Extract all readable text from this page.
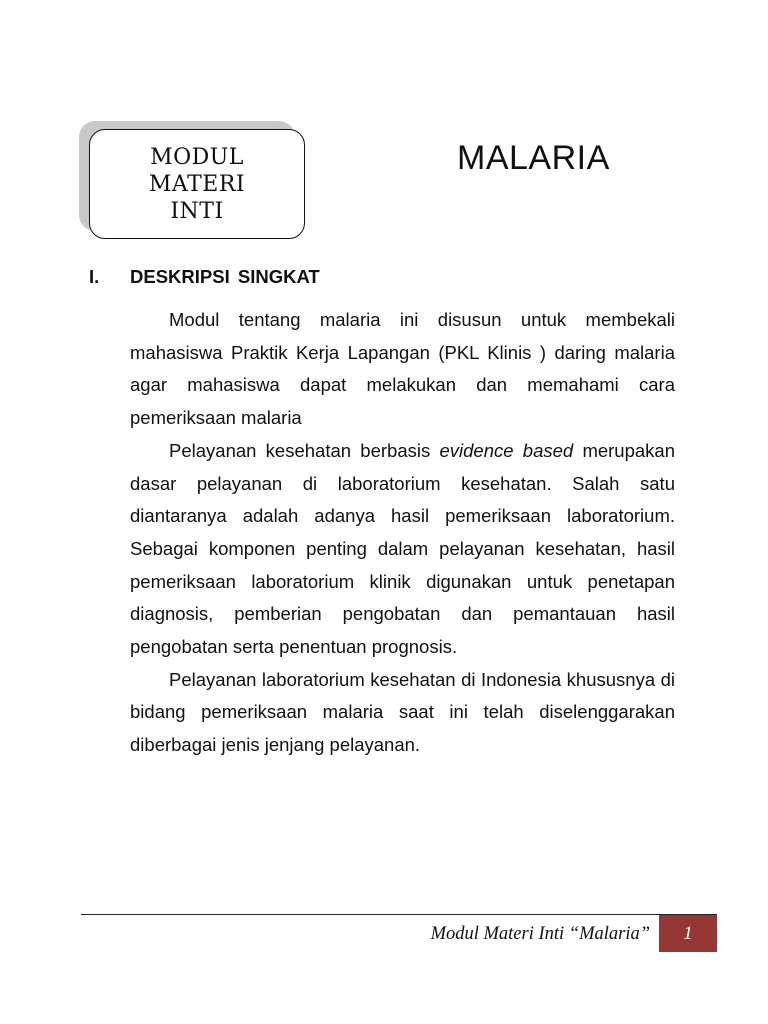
MODUL
MATERI
INTI
MALARIA
I. DESKRIPSI SINGKAT

Modul tentang malaria ini disusun untuk membekali mahasiswa Praktik Kerja Lapangan (PKL Klinis ) daring malaria agar mahasiswa dapat melakukan dan memahami cara pemeriksaan malaria

Pelayanan kesehatan berbasis evidence based merupakan dasar pelayanan di laboratorium kesehatan. Salah satu diantaranya adalah adanya hasil pemeriksaan laboratorium. Sebagai komponen penting dalam pelayanan kesehatan, hasil pemeriksaan laboratorium klinik digunakan untuk penetapan diagnosis, pemberian pengobatan dan pemantauan hasil pengobatan serta penentuan prognosis.

Pelayanan laboratorium kesehatan di Indonesia khususnya di bidang pemeriksaan malaria saat ini telah diselenggarakan diberbagai jenis jenjang pelayanan.

Modul Materi Inti “Malaria” 1
